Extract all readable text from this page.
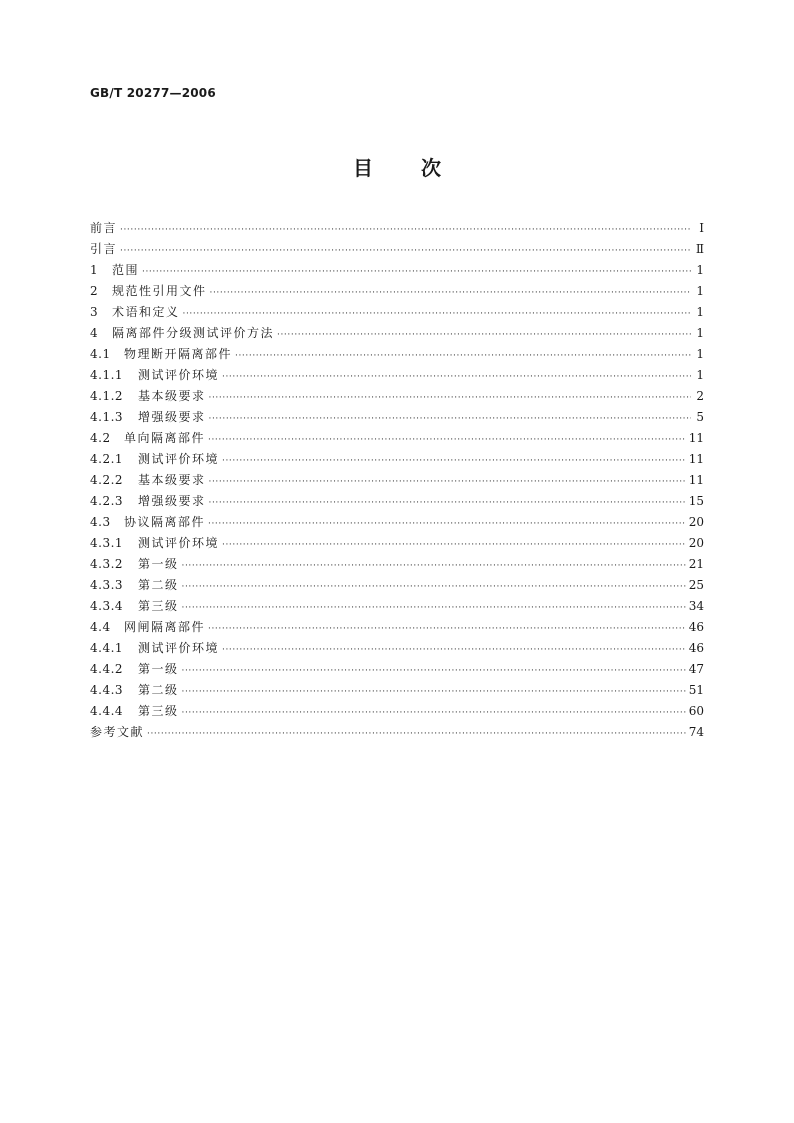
GB/T 20277—2006
目 次
前言 ·····	Ⅰ
引言 ·····	Ⅱ
1	范围 ·····	1
2	规范性引用文件 ·····	1
3	术语和定义 ·····	1
4	隔离部件分级测试评价方法 ·····	1
4.1	物理断开隔离部件 ·····	1
4.1.1	测试评价环境 ·····	1
4.1.2	基本级要求 ·····	2
4.1.3	增强级要求 ·····	5
4.2	单向隔离部件 ·····	11
4.2.1	测试评价环境 ·····	11
4.2.2	基本级要求 ·····	11
4.2.3	增强级要求 ·····	15
4.3	协议隔离部件 ·····	20
4.3.1	测试评价环境 ·····	20
4.3.2	第一级 ·····	21
4.3.3	第二级 ·····	25
4.3.4	第三级 ·····	34
4.4	网闸隔离部件 ·····	46
4.4.1	测试评价环境 ·····	46
4.4.2	第一级 ·····	47
4.4.3	第二级 ·····	51
4.4.4	第三级 ·····	60
参考文献 ·····	74
